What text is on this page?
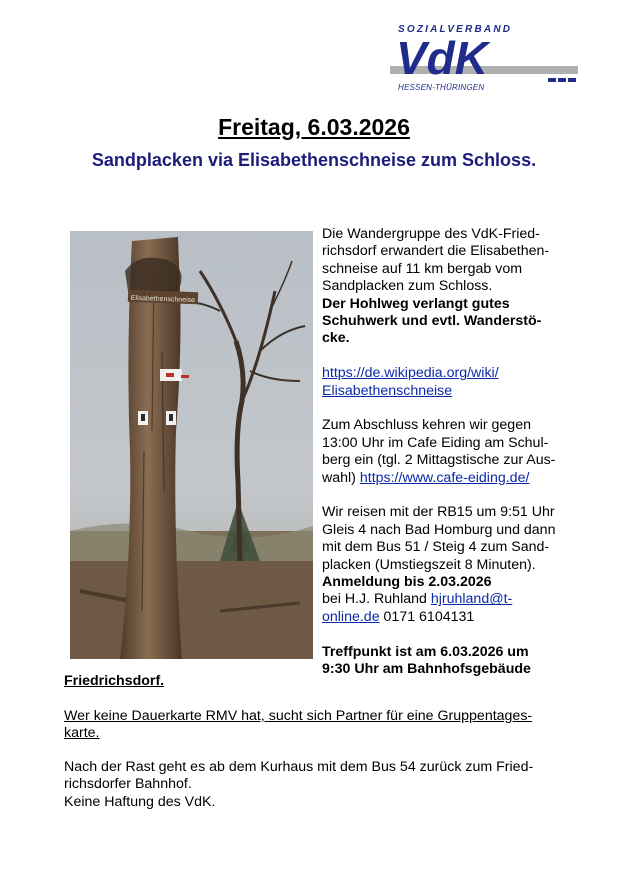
SOZIALVERBAND
VdK
HESSEN-THÜRINGEN
Freitag, 6.03.2026
Sandplacken via Elisabethenschneise zum Schloss.
Elisabethenschneise

Die Wandergruppe des VdK-Fried-

richsdorf erwandert die Elisabethen-

schneise auf 11 km bergab vom

Sandplacken zum Schloss.

Der Hohlweg verlangt gutes

Schuhwerk und evtl. Wanderstö-

cke.

https://de.wikipedia.org/wiki/

Elisabethenschneise

Zum Abschluss kehren wir gegen

13:00 Uhr im Cafe Eiding am Schul-

berg ein (tgl. 2 Mittagstische zur Aus-

wahl) https://www.cafe-eiding.de/

Wir reisen mit der RB15 um 9:51 Uhr

Gleis 4 nach Bad Homburg und dann

mit dem Bus 51 / Steig 4 zum Sand-

placken (Umstiegszeit 8 Minuten).

Anmeldung bis 2.03.2026

bei H.J. Ruhland hjruhland@t-

online.de 0171 6104131

Treffpunkt ist am 6.03.2026 um

9:30 Uhr am Bahnhofsgebäude

Friedrichsdorf.

Wer keine Dauerkarte RMV hat, sucht sich Partner für eine Gruppentages-

karte.

Nach der Rast geht es ab dem Kurhaus mit dem Bus 54 zurück zum Fried-

richsdorfer Bahnhof.

Keine Haftung des VdK.
